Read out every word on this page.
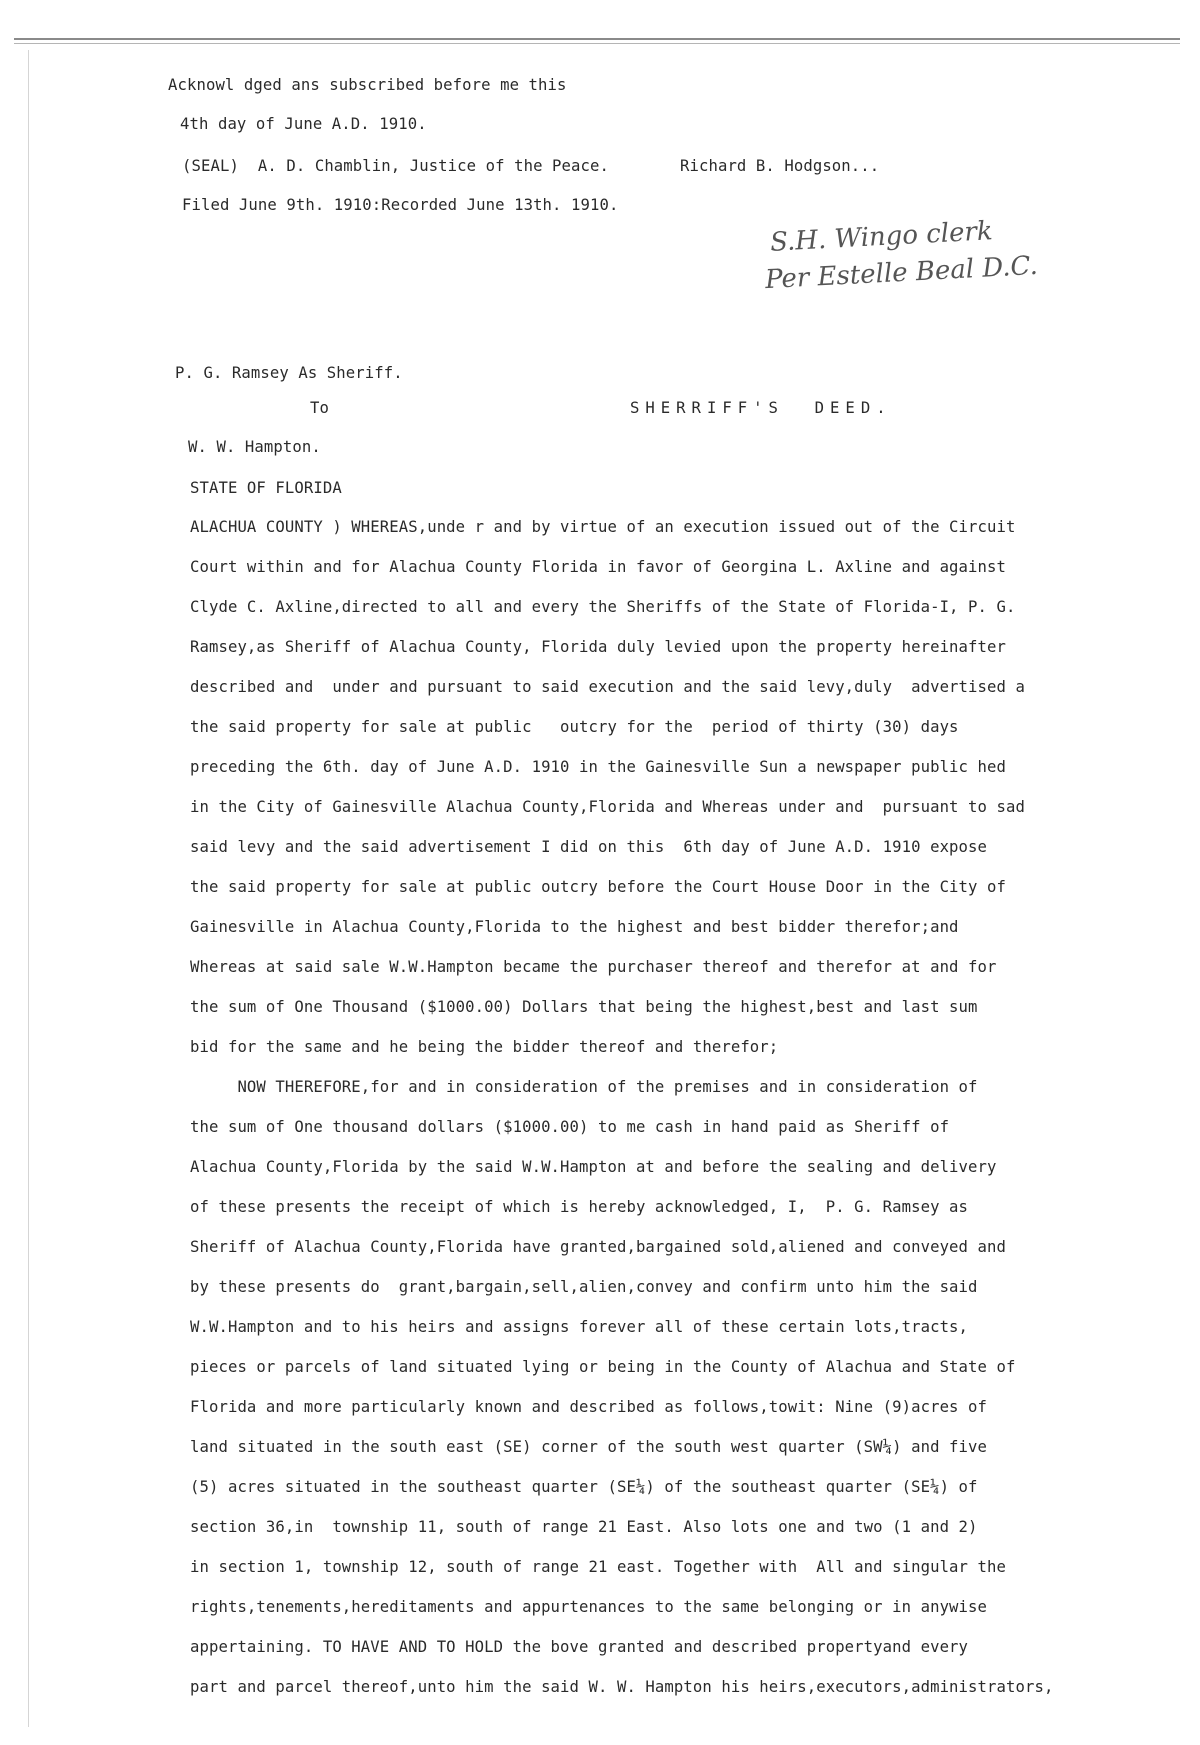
Acknowl dged ans subscribed before me this
4th day of June A.D. 1910.
(SEAL)  A. D. Chamblin, Justice of the Peace.	Richard B. Hodgson...
Filed June 9th. 1910:Recorded June 13th. 1910.
S.H. Wingo clerk
Per Estelle Beal D.C.
P. G. Ramsey As Sheriff.
To	SHERRIFF'S  DEED.
W. W. Hampton.
STATE OF FLORIDA
ALACHUA COUNTY ) WHEREAS,unde r and by virtue of an execution issued out of the Circuit
Court within and for Alachua County Florida in favor of Georgina L. Axline and against
Clyde C. Axline,directed to all and every the Sheriffs of the State of Florida-I, P. G.
Ramsey,as Sheriff of Alachua County, Florida duly levied upon the property hereinafter
described and  under and pursuant to said execution and the said levy,duly  advertised a
the said property for sale at public   outcry for the  period of thirty (30) days
preceding the 6th. day of June A.D. 1910 in the Gainesville Sun a newspaper public hed
in the City of Gainesville Alachua County,Florida and Whereas under and  pursuant to sad
said levy and the said advertisement I did on this  6th day of June A.D. 1910 expose
the said property for sale at public outcry before the Court House Door in the City of
Gainesville in Alachua County,Florida to the highest and best bidder therefor;and
Whereas at said sale W.W.Hampton became the purchaser thereof and therefor at and for
the sum of One Thousand ($1000.00) Dollars that being the highest,best and last sum
bid for the same and he being the bidder thereof and therefor;
NOW THEREFORE,for and in consideration of the premises and in consideration of
the sum of One thousand dollars ($1000.00) to me cash in hand paid as Sheriff of
Alachua County,Florida by the said W.W.Hampton at and before the sealing and delivery
of these presents the receipt of which is hereby acknowledged, I,  P. G. Ramsey as
Sheriff of Alachua County,Florida have granted,bargained sold,aliened and conveyed and
by these presents do  grant,bargain,sell,alien,convey and confirm unto him the said
W.W.Hampton and to his heirs and assigns forever all of these certain lots,tracts,
pieces or parcels of land situated lying or being in the County of Alachua and State of
Florida and more particularly known and described as follows,towit: Nine (9)acres of
land situated in the south east (SE) corner of the south west quarter (SW¼) and five
(5) acres situated in the southeast quarter (SE¼) of the southeast quarter (SE¼) of
section 36,in  township 11, south of range 21 East. Also lots one and two (1 and 2)
in section 1, township 12, south of range 21 east. Together with  All and singular the
rights,tenements,hereditaments and appurtenances to the same belonging or in anywise
appertaining. TO HAVE AND TO HOLD the bove granted and described propertyand every
part and parcel thereof,unto him the said W. W. Hampton his heirs,executors,administrators,
